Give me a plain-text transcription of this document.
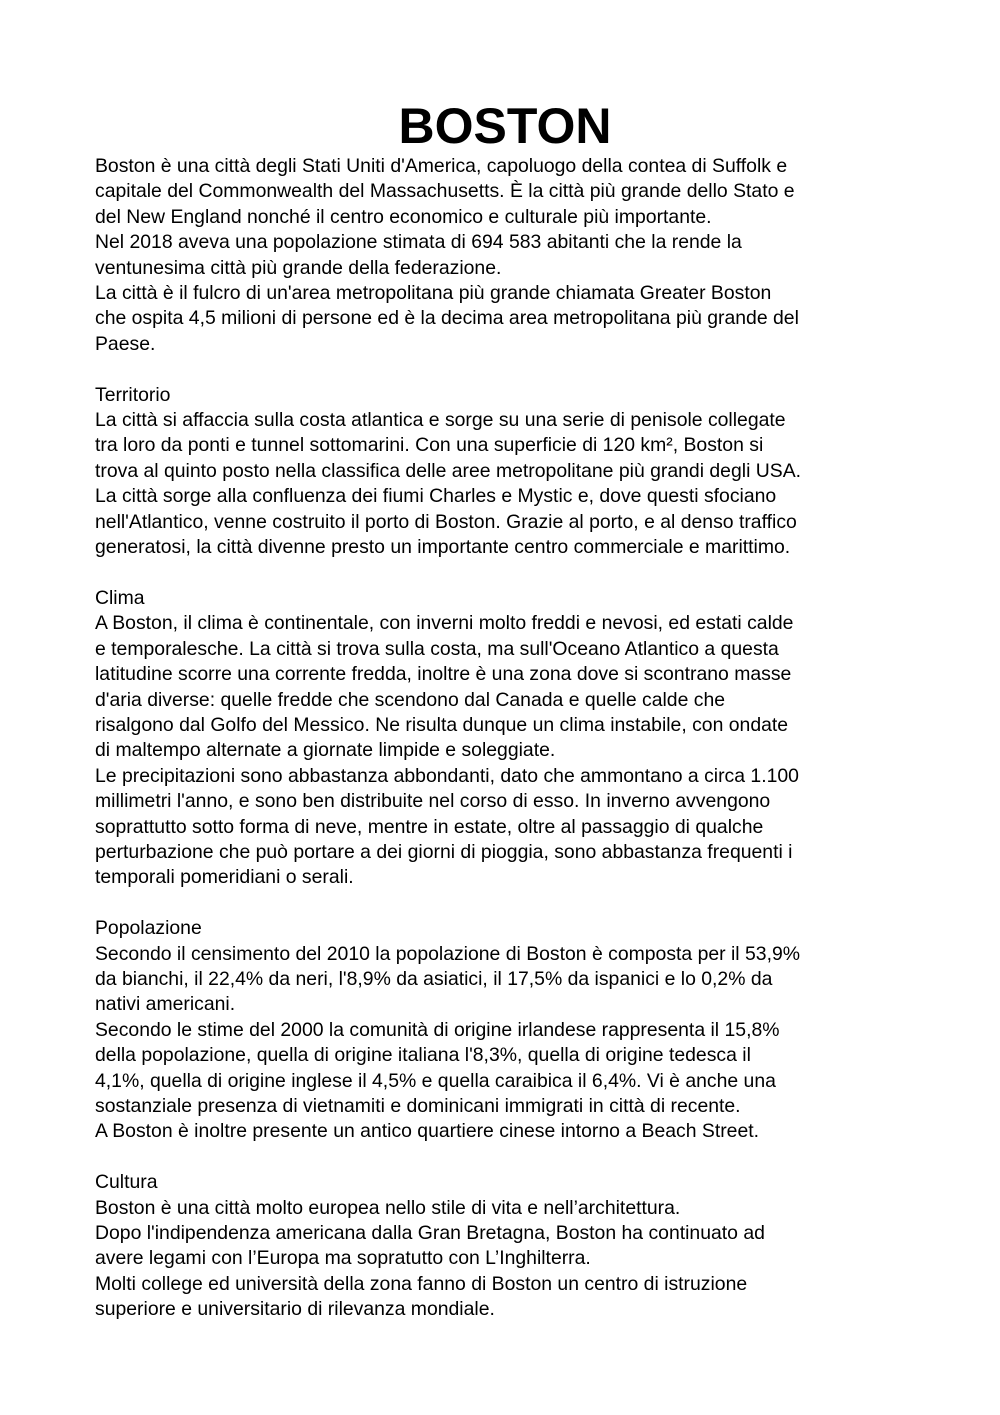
BOSTON
Boston è una città degli Stati Uniti d'America, capoluogo della contea di Suffolk e
capitale del Commonwealth del Massachusetts. È la città più grande dello Stato e
del New England nonché il centro economico e culturale più importante.
Nel 2018 aveva una popolazione stimata di 694 583 abitanti che la rende la
ventunesima città più grande della federazione.
La città è il fulcro di un'area metropolitana più grande chiamata Greater Boston
che ospita 4,5 milioni di persone ed è la decima area metropolitana più grande del
Paese.
Territorio
La città si affaccia sulla costa atlantica e sorge su una serie di penisole collegate
tra loro da ponti e tunnel sottomarini. Con una superficie di 120 km², Boston si
trova al quinto posto nella classifica delle aree metropolitane più grandi degli USA.
La città sorge alla confluenza dei fiumi Charles e Mystic e, dove questi sfociano
nell'Atlantico, venne costruito il porto di Boston. Grazie al porto, e al denso traffico
generatosi, la città divenne presto un importante centro commerciale e marittimo.
Clima
A Boston, il clima è continentale, con inverni molto freddi e nevosi, ed estati calde
e temporalesche. La città si trova sulla costa, ma sull'Oceano Atlantico a questa
latitudine scorre una corrente fredda, inoltre è una zona dove si scontrano masse
d'aria diverse: quelle fredde che scendono dal Canada e quelle calde che
risalgono dal Golfo del Messico. Ne risulta dunque un clima instabile, con ondate
di maltempo alternate a giornate limpide e soleggiate.
Le precipitazioni sono abbastanza abbondanti, dato che ammontano a circa 1.100
millimetri l'anno, e sono ben distribuite nel corso di esso. In inverno avvengono
soprattutto sotto forma di neve, mentre in estate, oltre al passaggio di qualche
perturbazione che può portare a dei giorni di pioggia, sono abbastanza frequenti i
temporali pomeridiani o serali.
Popolazione
Secondo il censimento del 2010 la popolazione di Boston è composta per il 53,9%
da bianchi, il 22,4% da neri, l'8,9% da asiatici, il 17,5% da ispanici e lo 0,2% da
nativi americani.
Secondo le stime del 2000 la comunità di origine irlandese rappresenta il 15,8%
della popolazione, quella di origine italiana l'8,3%, quella di origine tedesca il
4,1%, quella di origine inglese il 4,5% e quella caraibica il 6,4%. Vi è anche una
sostanziale presenza di vietnamiti e dominicani immigrati in città di recente.
A Boston è inoltre presente un antico quartiere cinese intorno a Beach Street.
Cultura
Boston è una città molto europea nello stile di vita e nell’architettura.
Dopo l'indipendenza americana dalla Gran Bretagna, Boston ha continuato ad
avere legami con l’Europa ma sopratutto con L’Inghilterra.
Molti college ed università della zona fanno di Boston un centro di istruzione
superiore e universitario di rilevanza mondiale.
